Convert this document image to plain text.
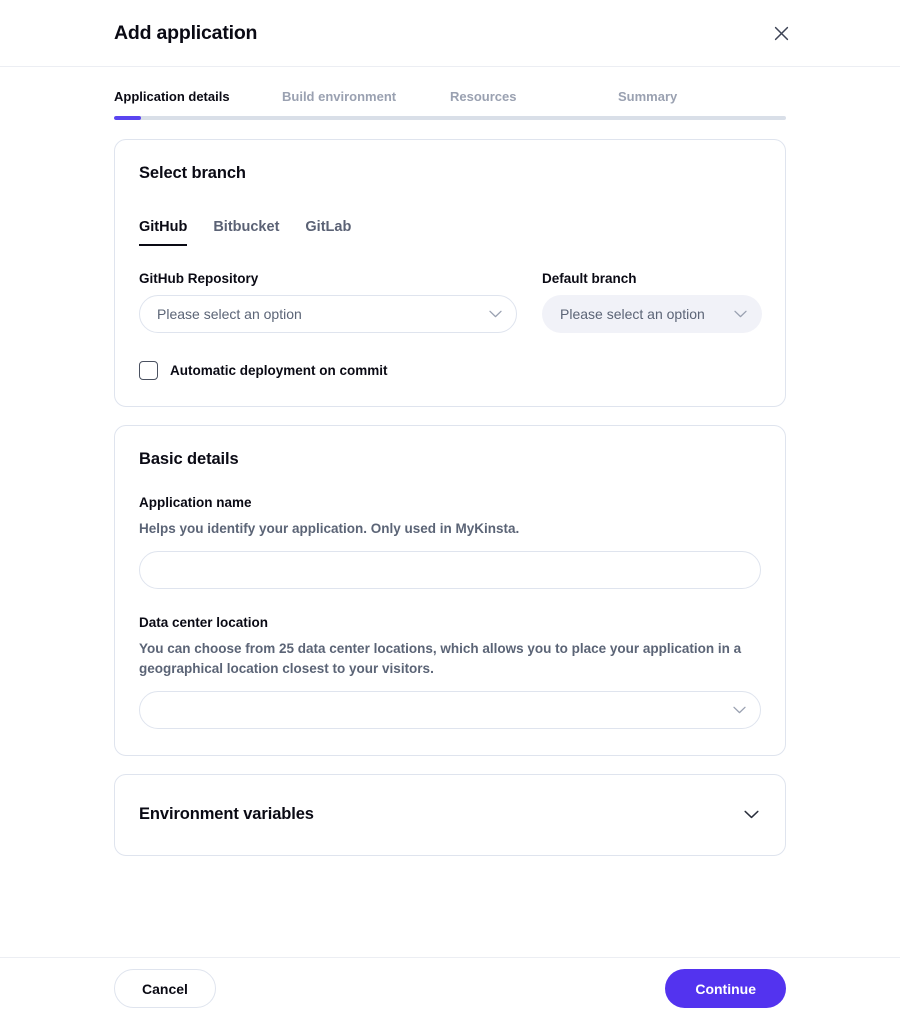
Add application
Application details	Build environment	Resources	Summary
Select branch
GitHub Bitbucket GitLab
GitHub Repository
Please select an option
Default branch
Please select an option
Automatic deployment on commit
Basic details
Application name
Helps you identify your application. Only used in MyKinsta.
Data center location
You can choose from 25 data center locations, which allows you to place your application in a geographical location closest to your visitors.
Environment variables
Cancel	Continue
